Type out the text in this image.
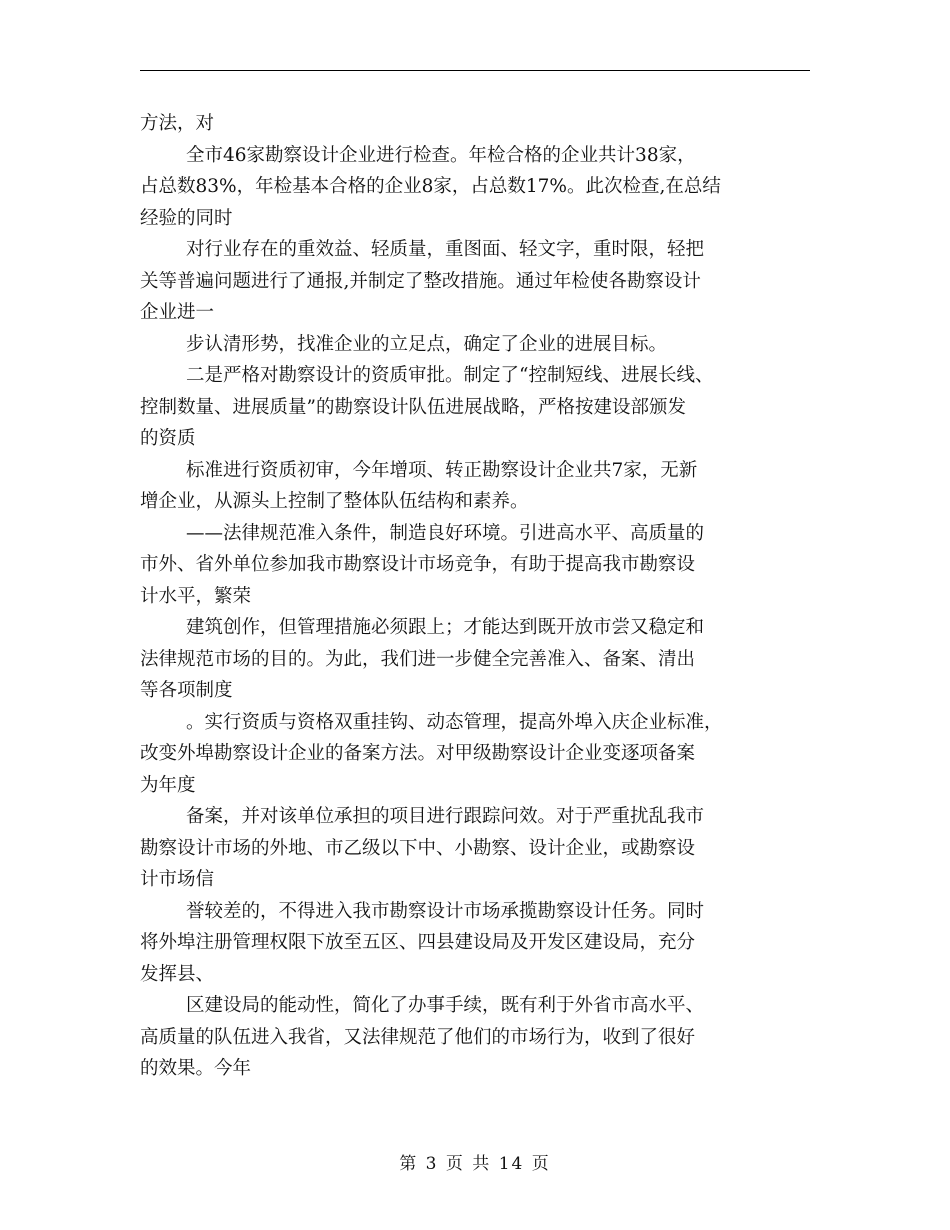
方法，对
全市46家勘察设计企业进行检查。年检合格的企业共计38家，
占总数83%，年检基本合格的企业8家，占总数17%。此次检查,在总结
经验的同时
对行业存在的重效益、轻质量，重图面、轻文字，重时限，轻把
关等普遍问题进行了通报,并制定了整改措施。通过年检使各勘察设计
企业进一
步认清形势，找准企业的立足点，确定了企业的进展目标。
二是严格对勘察设计的资质审批。制定了“控制短线、进展长线、
控制数量、进展质量”的勘察设计队伍进展战略，严格按建设部颁发
的资质
标准进行资质初审，今年增项、转正勘察设计企业共7家，无新
增企业，从源头上控制了整体队伍结构和素养。
——法律规范准入条件，制造良好环境。引进高水平、高质量的
市外、省外单位参加我市勘察设计市场竞争，有助于提高我市勘察设
计水平，繁荣
建筑创作，但管理措施必须跟上；才能达到既开放市尝又稳定和
法律规范市场的目的。为此，我们进一步健全完善准入、备案、清出
等各项制度
。实行资质与资格双重挂钩、动态管理，提高外埠入庆企业标准，
改变外埠勘察设计企业的备案方法。对甲级勘察设计企业变逐项备案
为年度
备案，并对该单位承担的项目进行跟踪问效。对于严重扰乱我市
勘察设计市场的外地、市乙级以下中、小勘察、设计企业，或勘察设
计市场信
誉较差的，不得进入我市勘察设计市场承揽勘察设计任务。同时
将外埠注册管理权限下放至五区、四县建设局及开发区建设局，充分
发挥县、
区建设局的能动性，简化了办事手续，既有利于外省市高水平、
高质量的队伍进入我省，又法律规范了他们的市场行为，收到了很好
的效果。今年
第 3 页 共 14 页
